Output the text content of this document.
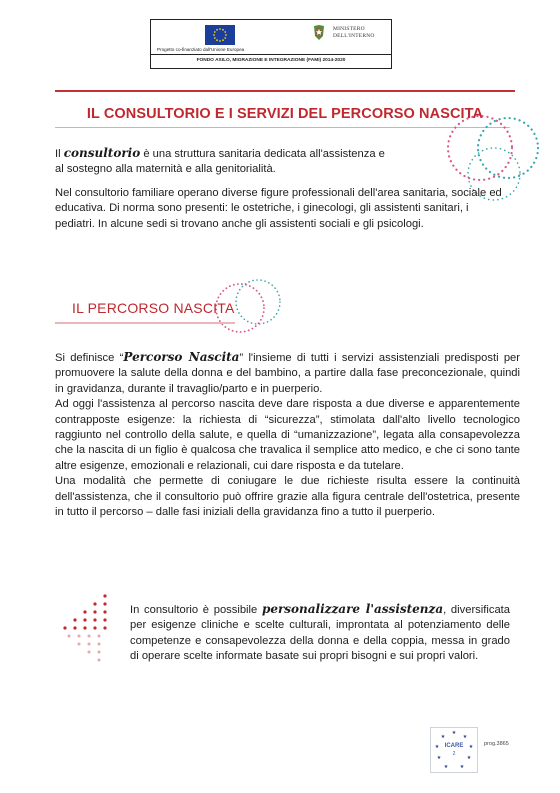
MINISTERO
DELL'INTERNO
Progetto co-finanziato dall'Unione Europea
FONDO ASILO, MIGRAZIONE E INTEGRAZIONE (FAMI) 2014-2020
IL CONSULTORIO E I SERVIZI DEL PERCORSO NASCITA
Il consultorio è una struttura sanitaria dedicata all'assistenza e al sostegno alla maternità e alla genitorialità.
Nel consultorio familiare operano diverse figure professionali dell'area sanitaria, sociale ed educativa. Di norma sono presenti: le ostetriche, i ginecologi, gli assistenti sanitari, i pediatri. In alcune sedi si trovano anche gli assistenti sociali e gli psicologi.
IL PERCORSO NASCITA
Si definisce “Percorso Nascita” l'insieme di tutti i servizi assistenziali predisposti per promuovere la salute della donna e del bambino, a partire dalla fase preconcezionale, quindi in gravidanza, durante il travaglio/parto e in puerperio.
Ad oggi l'assistenza al percorso nascita deve dare risposta a due diverse e apparentemente contrapposte esigenze: la richiesta di “sicurezza”, stimolata dall'alto livello tecnologico raggiunto nel controllo della salute, e quella di “umanizzazione”, legata alla consapevolezza che la nascita di un figlio è qualcosa che travalica il semplice atto medico, e che ci sono tante altre esigenze, emozionali e relazionali, cui dare risposta e da tutelare.
Una modalità che permette di coniugare le due richieste risulta essere la continuità dell'assistenza, che il consultorio può offrire grazie alla figura centrale dell'ostetrica, presente in tutto il percorso – dalle fasi iniziali della gravidanza fino a tutto il puerperio.
In consultorio è possibile personalizzare l'assistenza, diversificata per esigenze cliniche e scelte culturali, improntata al potenziamento delle competenze e consapevolezza della donna e della coppia, messa in grado di operare scelte informate basate sui propri bisogni e sui propri valori.
★
★
★
★
★
★
★
★
★
ICARE
2
prog.3865
